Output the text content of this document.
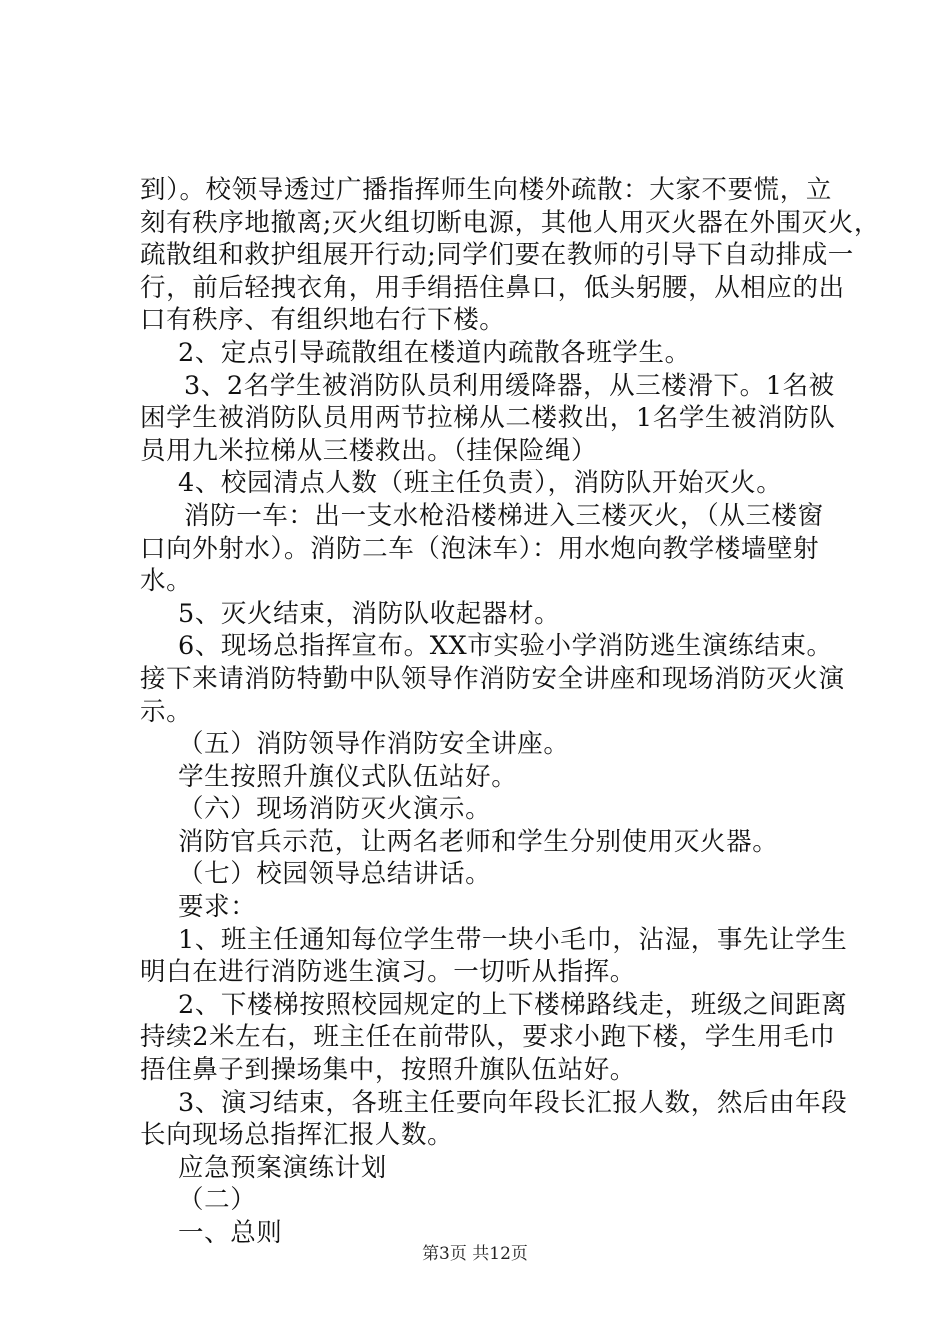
到）。校领导透过广播指挥师生向楼外疏散：大家不要慌，立
刻有秩序地撤离;灭火组切断电源，其他人用灭火器在外围灭火，
疏散组和救护组展开行动;同学们要在教师的引导下自动排成一
行，前后轻拽衣角，用手绢捂住鼻口，低头躬腰，从相应的出
口有秩序、有组织地右行下楼。
2、定点引导疏散组在楼道内疏散各班学生。
3、2名学生被消防队员利用缓降器，从三楼滑下。1名被
困学生被消防队员用两节拉梯从二楼救出，1名学生被消防队
员用九米拉梯从三楼救出。（挂保险绳）
4、校园清点人数（班主任负责），消防队开始灭火。
消防一车：出一支水枪沿楼梯进入三楼灭火，（从三楼窗
口向外射水）。消防二车（泡沫车）：用水炮向教学楼墙壁射
水。
5、灭火结束，消防队收起器材。
6、现场总指挥宣布。XX市实验小学消防逃生演练结束。
接下来请消防特勤中队领导作消防安全讲座和现场消防灭火演
示。
（五）消防领导作消防安全讲座。
学生按照升旗仪式队伍站好。
（六）现场消防灭火演示。
消防官兵示范，让两名老师和学生分别使用灭火器。
（七）校园领导总结讲话。
要求：
1、班主任通知每位学生带一块小毛巾，沾湿，事先让学生
明白在进行消防逃生演习。一切听从指挥。
2、下楼梯按照校园规定的上下楼梯路线走，班级之间距离
持续2米左右，班主任在前带队，要求小跑下楼，学生用毛巾
捂住鼻子到操场集中，按照升旗队伍站好。
3、演习结束，各班主任要向年段长汇报人数，然后由年段
长向现场总指挥汇报人数。
应急预案演练计划
（二）
一、总则
第3页 共12页
